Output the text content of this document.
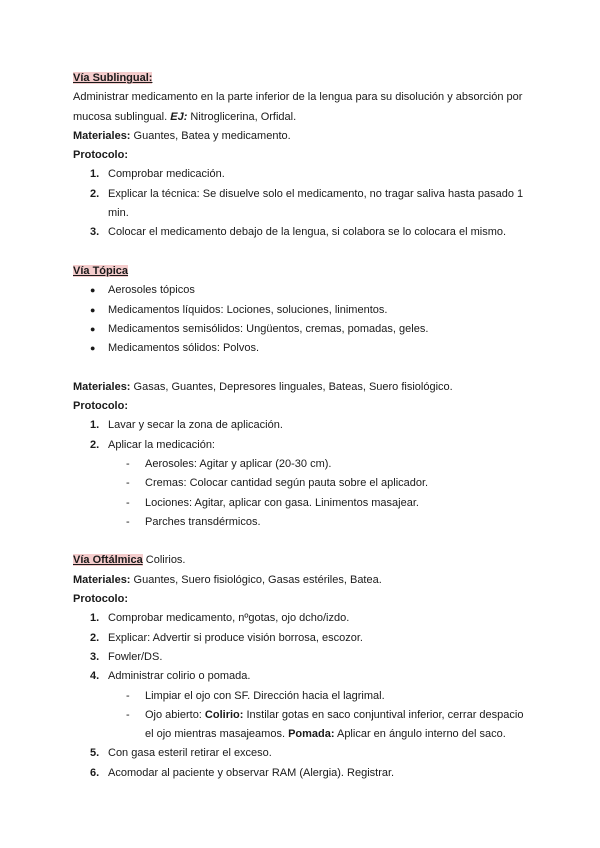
Vía Sublingual:
Administrar medicamento en la parte inferior de la lengua para su disolución y absorción por
mucosa sublingual. EJ: Nitroglicerina, Orfidal.
Materiales: Guantes, Batea y medicamento.
Protocolo:
1. Comprobar medicación.
2. Explicar la técnica: Se disuelve solo el medicamento, no tragar saliva hasta pasado 1
min.
3. Colocar el medicamento debajo de la lengua, si colabora se lo colocara el mismo.
Vía Tópica
● Aerosoles tópicos
● Medicamentos líquidos: Lociones, soluciones, linimentos.
● Medicamentos semisólidos: Ungüentos, cremas, pomadas, geles.
● Medicamentos sólidos: Polvos.
Materiales: Gasas, Guantes, Depresores linguales, Bateas, Suero fisiológico.
Protocolo:
1. Lavar y secar la zona de aplicación.
2. Aplicar la medicación:
- Aerosoles: Agitar y aplicar (20-30 cm).
- Cremas: Colocar cantidad según pauta sobre el aplicador.
- Lociones: Agitar, aplicar con gasa. Linimentos masajear.
- Parches transdérmicos.
Vía Oftálmica Colirios.
Materiales: Guantes, Suero fisiológico, Gasas estériles, Batea.
Protocolo:
1. Comprobar medicamento, nºgotas, ojo dcho/izdo.
2. Explicar: Advertir si produce visión borrosa, escozor.
3. Fowler/DS.
4. Administrar colirio o pomada.
- Limpiar el ojo con SF. Dirección hacia el lagrimal.
- Ojo abierto: Colirio: Instilar gotas en saco conjuntival inferior, cerrar despacio
el ojo mientras masajeamos. Pomada: Aplicar en ángulo interno del saco.
5. Con gasa esteril retirar el exceso.
6. Acomodar al paciente y observar RAM (Alergia). Registrar.
